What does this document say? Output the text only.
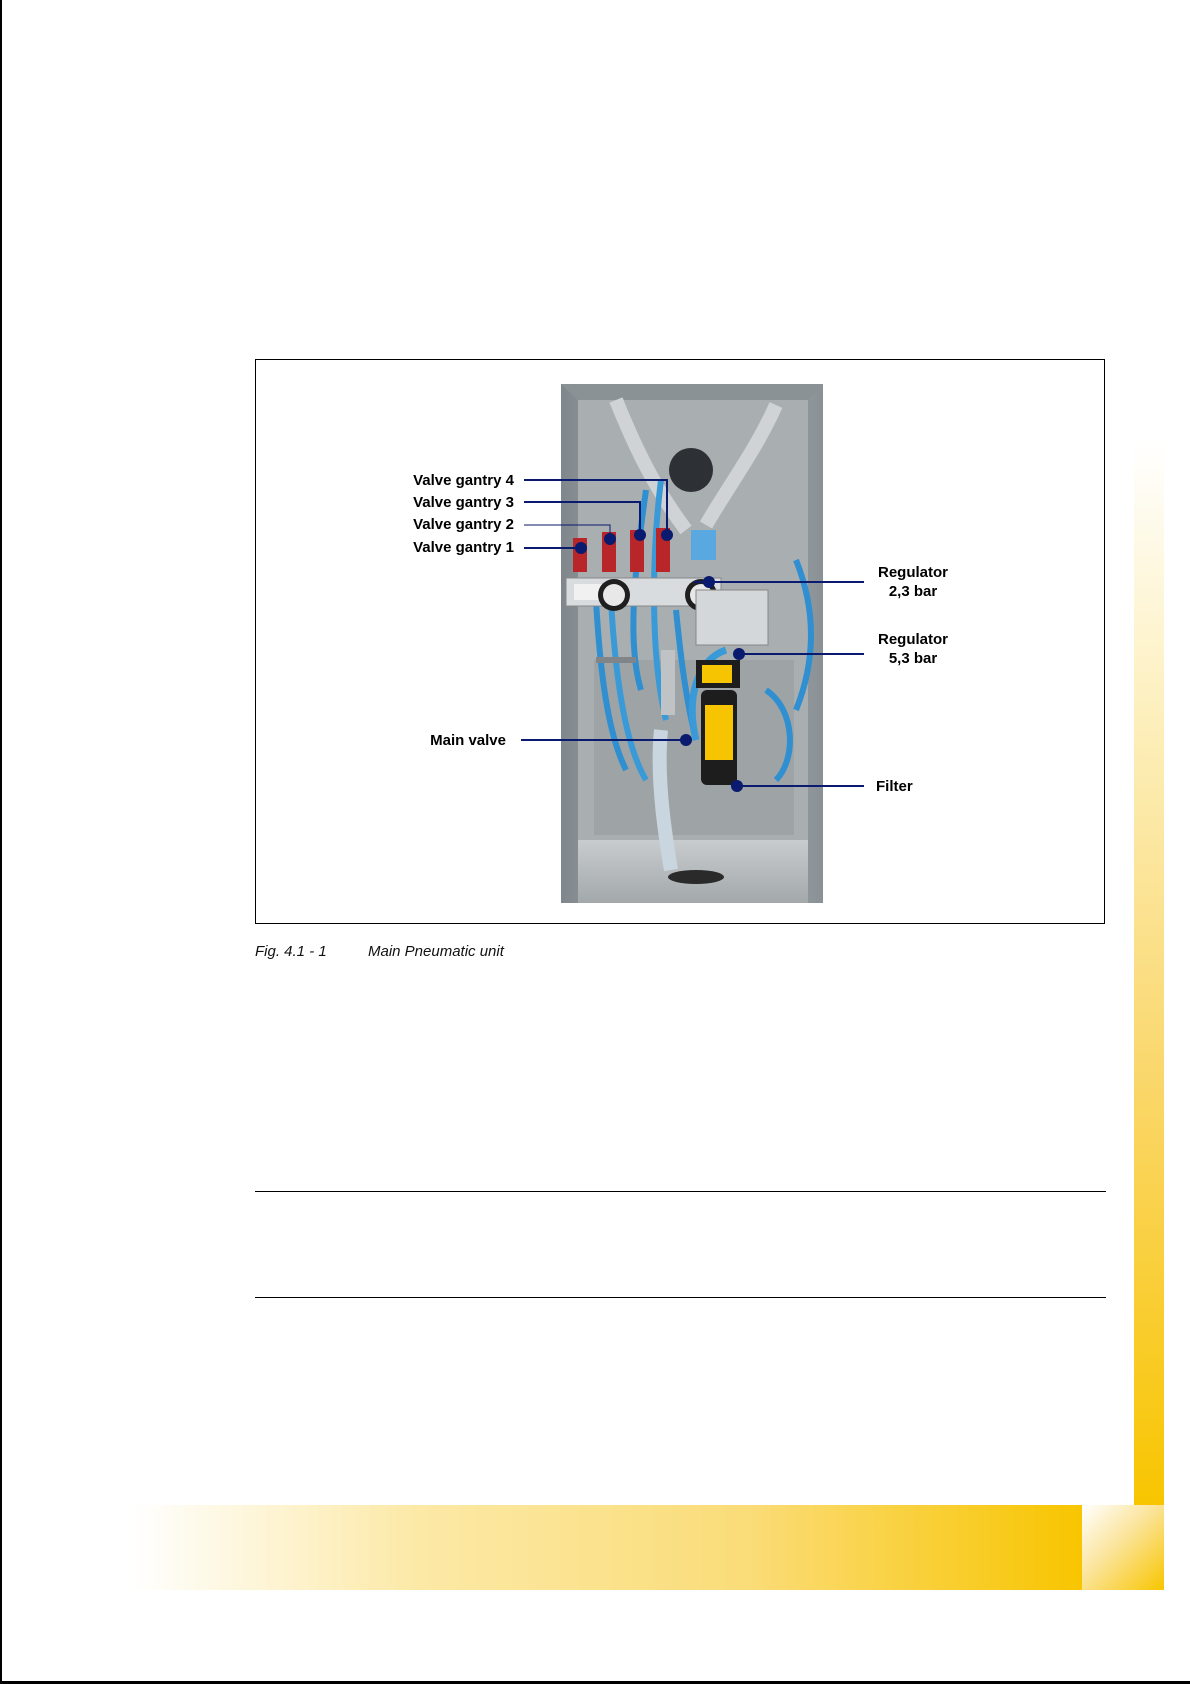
Valve gantry 4
Valve gantry 3
Valve gantry 2
Valve gantry 1
Main valve
Regulator
2,3 bar
Regulator
5,3 bar
Filter
Fig. 4.1 - 1	Main Pneumatic unit
